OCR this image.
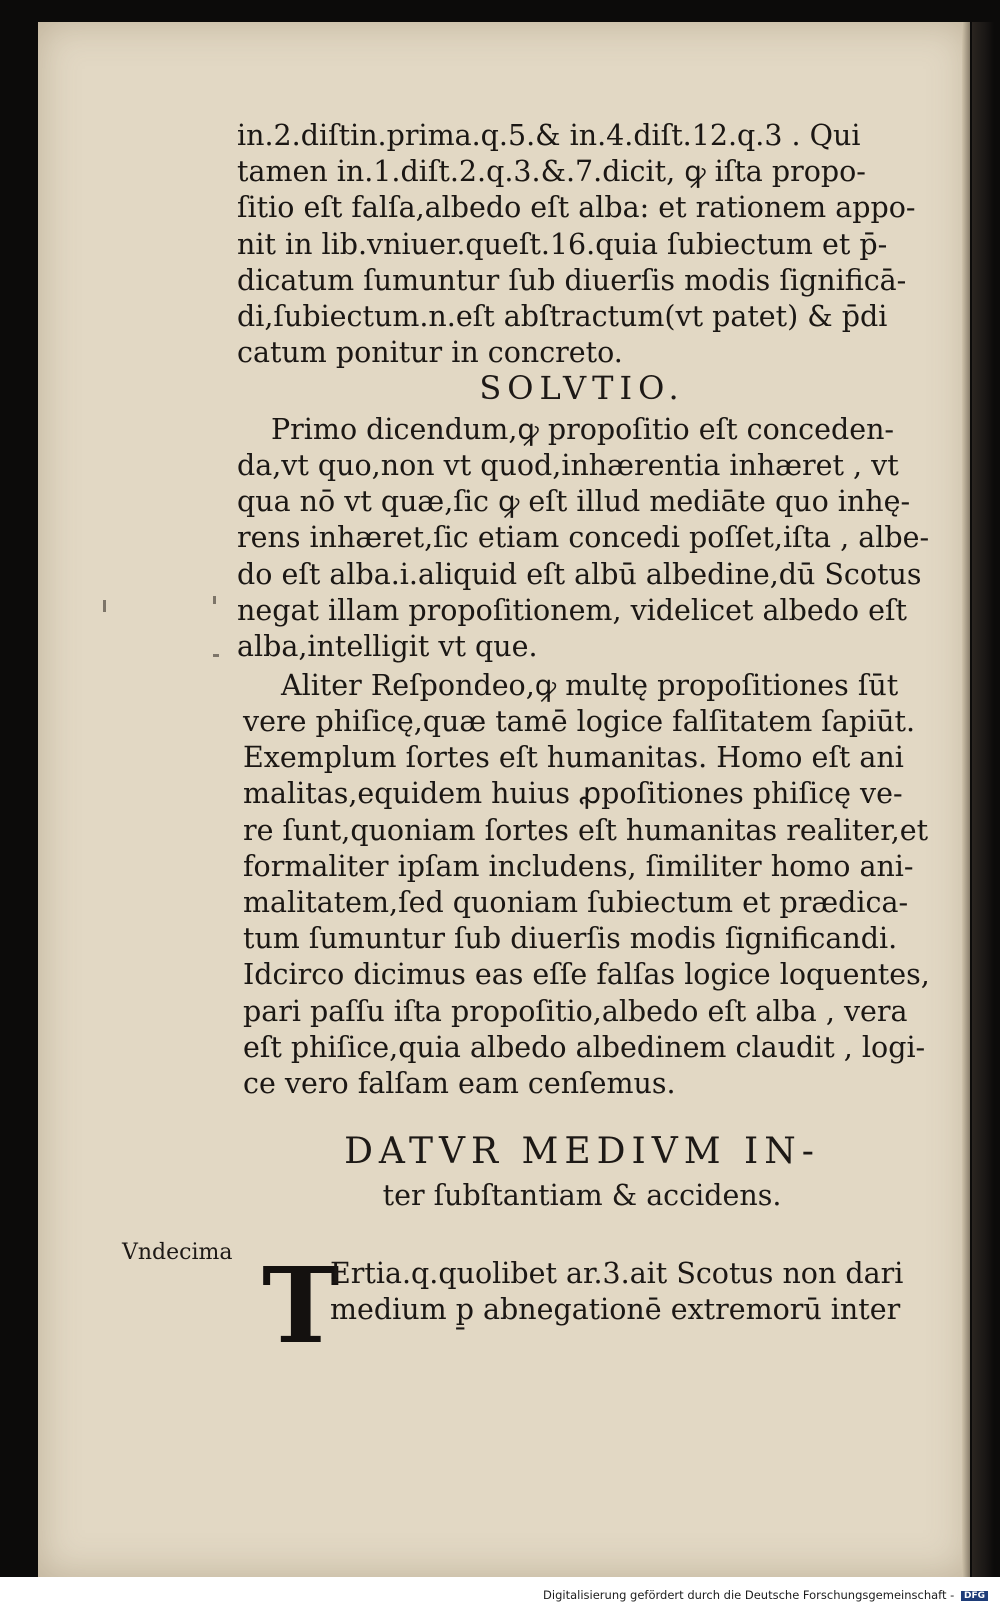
in.2.diſtin.prima.q.5.& in.4.diſt.12.q.3 . Qui
tamen in.1.diſt.2.q.3.&.7.dicit, ꝙ iſta propo-
ſitio eſt falſa,albedo eſt alba: et rationem appo-
nit in lib.vniuer.queſt.16.quia ſubiectum et p̄-
dicatum ſumuntur ſub diuerſis modis ſignificā-
di,ſubiectum.n.eſt abſtractum(vt patet) & p̄di
catum ponitur in concreto.
SOLVTIO.
Primo dicendum,ꝙ propoſitio eſt conceden-
da,vt quo,non vt quod,inhærentia inhæret , vt
qua nō vt quæ,ſic ꝙ eſt illud mediāte quo inhę-
rens inhæret,ſic etiam concedi poſſet,iſta , albe-
do eſt alba.i.aliquid eſt albū albedine,dū Scotus
negat illam propoſitionem, videlicet albedo eſt
alba,intelligit vt que.
Aliter Reſpondeo,ꝙ multę propoſitiones ſūt
vere phiſicę,quæ tamē logice falſitatem ſapiūt.
Exemplum ſortes eſt humanitas. Homo eſt ani
malitas,equidem huius ꝓpoſitiones phiſicę ve-
re ſunt,quoniam ſortes eſt humanitas realiter,et
formaliter ipſam includens, ſimiliter homo ani-
malitatem,ſed quoniam ſubiectum et prædica-
tum ſumuntur ſub diuerſis modis ſignificandi.
Idcirco dicimus eas eſſe falſas logice loquentes,
pari paſſu iſta propoſitio,albedo eſt alba , vera
eſt phiſice,quia albedo albedinem claudit , logi-
ce vero falſam eam cenſemus.
DATVR MEDIVM IN-
ter ſubſtantiam & accidens.
Vndecima T
Ertia.q.quolibet ar.3.ait Scotus non dari
medium p̱ abnegationē extremorū inter
Digitalisierung gefördert durch die Deutsche Forschungsgemeinschaft - DFG
